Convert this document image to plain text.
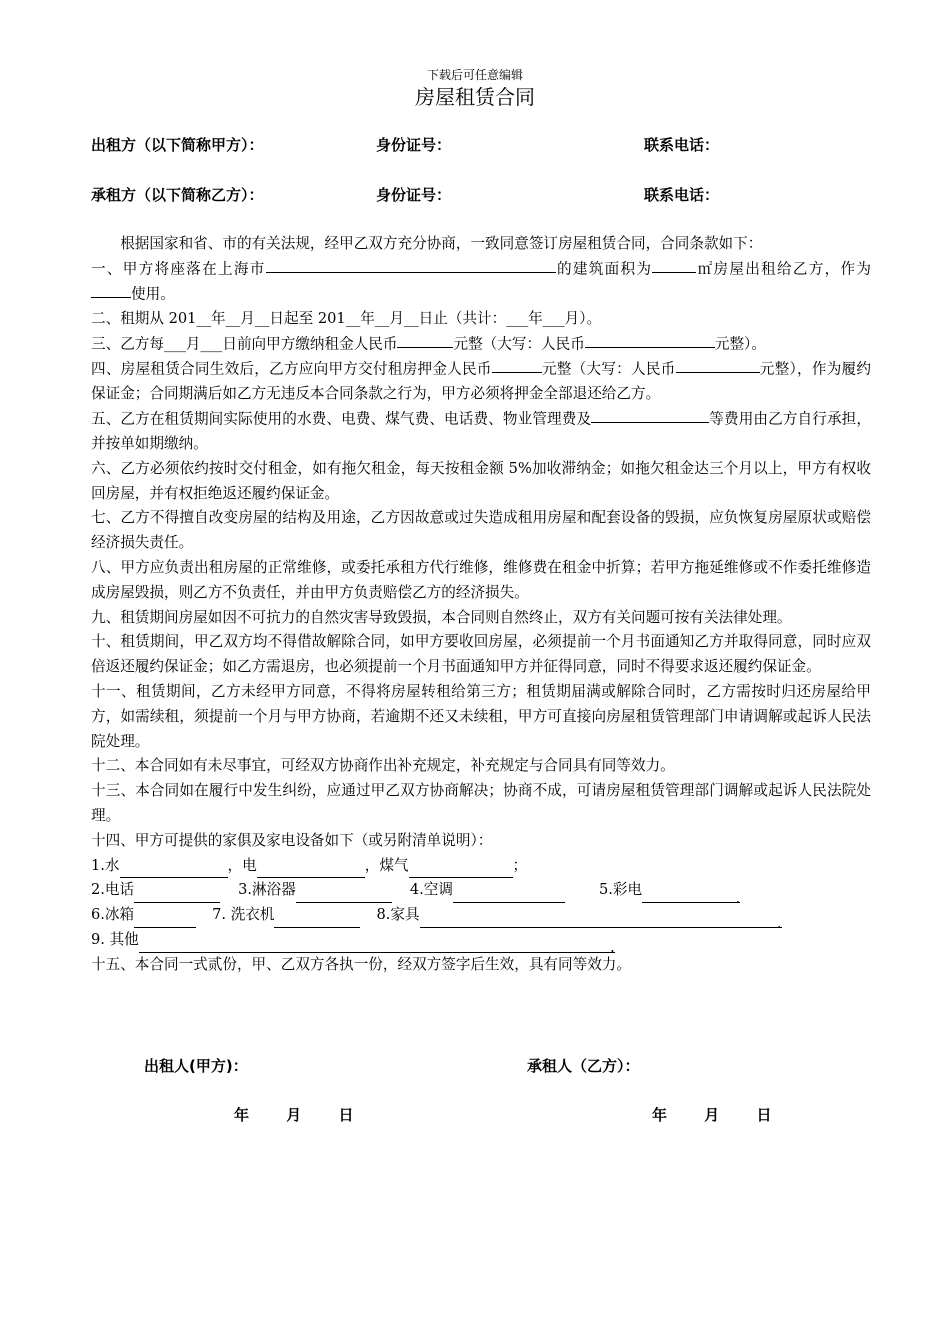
下载后可任意编辑
房屋租赁合同
出租方（以下简称甲方）：	身份证号：	联系电话：
承租方（以下简称乙方）：	身份证号：	联系电话：

根据国家和省、市的有关法规，经甲乙双方充分协商，一致同意签订房屋租赁合同，合同条款如下：

一、甲方将座落在上海市	的建筑面积为	㎡房屋出租给乙方，作为使用。

二、租期从 201__年__月__日起至 201__年__月__日止（共计：___年___月）。

三、乙方每___月___日前向甲方缴纳租金人民币	元整（大写：人民币	元整）。

四、房屋租赁合同生效后，乙方应向甲方交付租房押金人民币	元整（大写：人民币	元整），作为履约保证金；合同期满后如乙方无违反本合同条款之行为，甲方必须将押金全部退还给乙方。

五、乙方在租赁期间实际使用的水费、电费、煤气费、电话费、物业管理费及	等费用由乙方自行承担，并按单如期缴纳。

六、乙方必须依约按时交付租金，如有拖欠租金，每天按租金额 5%加收滞纳金；如拖欠租金达三个月以上，甲方有权收回房屋，并有权拒绝返还履约保证金。

七、乙方不得擅自改变房屋的结构及用途，乙方因故意或过失造成租用房屋和配套设备的毁损，应负恢复房屋原状或赔偿经济损失责任。

八、甲方应负责出租房屋的正常维修，或委托承租方代行维修，维修费在租金中折算；若甲方拖延维修或不作委托维修造成房屋毁损，则乙方不负责任，并由甲方负责赔偿乙方的经济损失。

九、租赁期间房屋如因不可抗力的自然灾害导致毁损，本合同则自然终止，双方有关问题可按有关法律处理。

十、租赁期间，甲乙双方均不得借故解除合同，如甲方要收回房屋，必须提前一个月书面通知乙方并取得同意，同时应双倍返还履约保证金；如乙方需退房，也必须提前一个月书面通知甲方并征得同意，同时不得要求返还履约保证金。

十一、租赁期间，乙方未经甲方同意，不得将房屋转租给第三方；租赁期届满或解除合同时，乙方需按时归还房屋给甲方，如需续租，须提前一个月与甲方协商，若逾期不还又未续租，甲方可直接向房屋租赁管理部门申请调解或起诉人民法院处理。

十二、本合同如有未尽事宜，可经双方协商作出补充规定，补充规定与合同具有同等效力。

十三、本合同如在履行中发生纠纷，应通过甲乙双方协商解决；协商不成，可请房屋租赁管理部门调解或起诉人民法院处理。

十四、甲方可提供的家俱及家电设备如下（或另附清单说明）：

1.水	，电	，煤气	；
2.电话	3.淋浴器	4.空调	5.彩电	.
6.冰箱	7. 洗衣机	8.家具	.
9. 其他	.

十五、本合同一式贰份，甲、乙双方各执一份，经双方签字后生效，具有同等效力。

出租人(甲方)：	承租人（乙方）：
年 月 日	年 月 日
